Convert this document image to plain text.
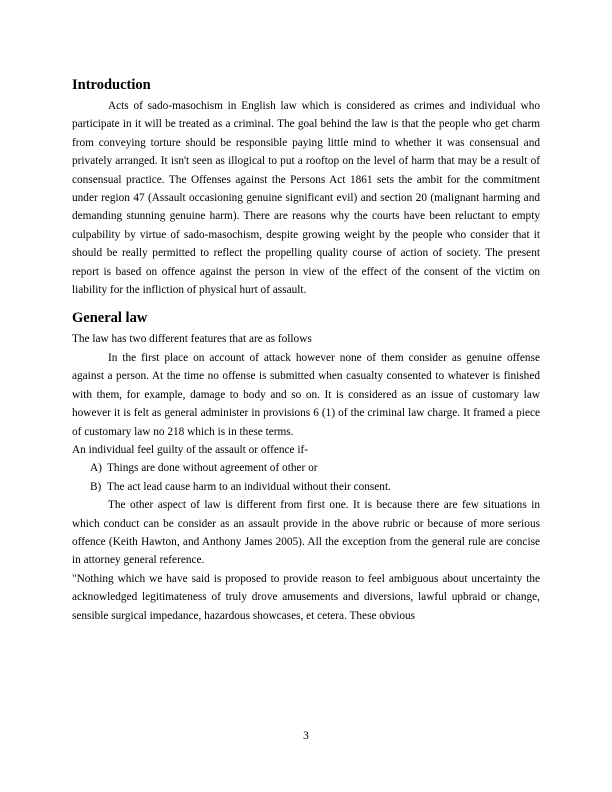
Introduction

Acts of sado-masochism in English law which is considered as crimes and individual who participate in it will be treated as a criminal. The goal behind the law is that the people who get charm from conveying torture should be responsible paying little mind to whether it was consensual and privately arranged. It isn't seen as illogical to put a rooftop on the level of harm that may be a result of consensual practice. The Offenses against the Persons Act 1861 sets the ambit for the commitment under region 47 (Assault occasioning genuine significant evil) and section 20 (malignant harming and demanding stunning genuine harm). There are reasons why the courts have been reluctant to empty culpability by virtue of sado-masochism, despite growing weight by the people who consider that it should be really permitted to reflect the propelling quality course of action of society. The present report is based on offence against the person in view of the effect of the consent of the victim on liability for the infliction of physical hurt of assault.

General law

The law has two different features that are as follows

In the first place on account of attack however none of them consider as genuine offense against a person. At the time no offense is submitted when casualty consented to whatever is finished with them, for example, damage to body and so on. It is considered as an issue of customary law however it is felt as general administer in provisions 6 (1) of the criminal law charge. It framed a piece of customary law no 218 which is in these terms.

An individual feel guilty of the assault or offence if-

A) Things are done without agreement of other or
B) The act lead cause harm to an individual without their consent.

The other aspect of law is different from first one. It is because there are few situations in which conduct can be consider as an assault provide in the above rubric or because of more serious offence (Keith Hawton, and Anthony James 2005). All the exception from the general rule are concise in attorney general reference.

"Nothing which we have said is proposed to provide reason to feel ambiguous about uncertainty the acknowledged legitimateness of truly drove amusements and diversions, lawful upbraid or change, sensible surgical impedance, hazardous showcases, et cetera. These obvious

3
